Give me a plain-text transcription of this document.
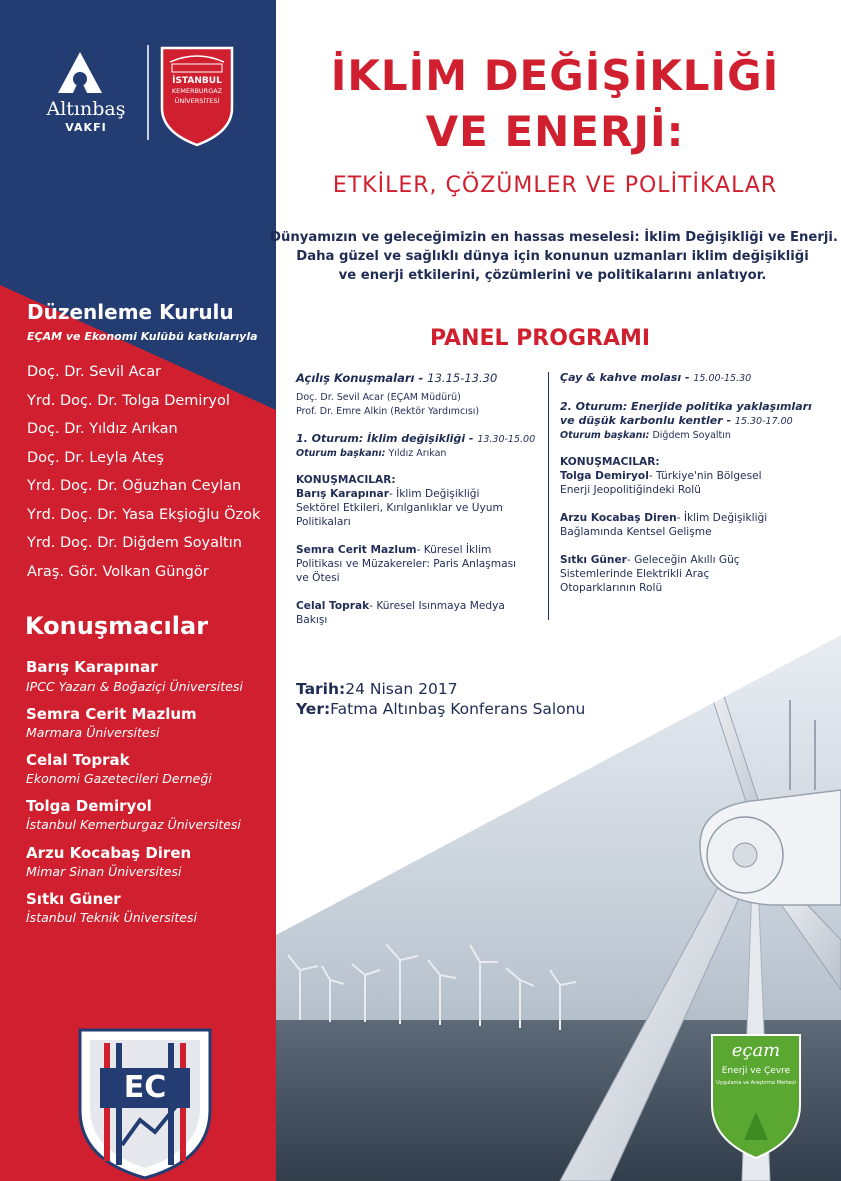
Altınbaş
VAKFI
İSTANBUL
KEMERBURGAZ
ÜNİVERSİTESİ
İKLİM DEĞİŞİKLİĞİ
VE ENERJİ:
ETKİLER, ÇÖZÜMLER VE POLİTİKALAR
Dünyamızın ve geleceğimizin en hassas meselesi: İklim Değişikliği ve Enerji.
Daha güzel ve sağlıklı dünya için konunun uzmanları iklim değişikliği
ve enerji etkilerini, çözümlerini ve politikalarını anlatıyor.
Düzenleme Kurulu
EÇAM ve Ekonomi Kulübü katkılarıyla
Doç. Dr. Sevil Acar
Yrd. Doç. Dr. Tolga Demiryol
Doç. Dr. Yıldız Arıkan
Doç. Dr. Leyla Ateş
Yrd. Doç. Dr. Oğuzhan Ceylan
Yrd. Doç. Dr. Yasa Ekşioğlu Özok
Yrd. Doç. Dr. Diğdem Soyaltın
Araş. Gör. Volkan Güngör
Konuşmacılar
Barış Karapınar
IPCC Yazarı & Boğaziçi Üniversitesi
Semra Cerit Mazlum
Marmara Üniversitesi
Celal Toprak
Ekonomi Gazetecileri Derneği
Tolga Demiryol
İstanbul Kemerburgaz Üniversitesi
Arzu Kocabaş Diren
Mimar Sinan Üniversitesi
Sıtkı Güner
İstanbul Teknik Üniversitesi
EC
eçam
Enerji ve Çevre
Uygulama ve Araştırma Merkezi
PANEL PROGRAMI
Açılış Konuşmaları - 13.15-13.30
Doç. Dr. Sevil Acar (EÇAM Müdürü)
Prof. Dr. Emre Alkin (Rektör Yardımcısı)
1. Oturum: İklim değişikliği - 13.30-15.00
Oturum başkanı: Yıldız Arıkan
KONUŞMACILAR:
Barış Karapınar- İklim Değişikliği
Sektörel Etkileri, Kırılganlıklar ve Uyum
Politikaları
Semra Cerit Mazlum- Küresel İklim
Politikası ve Müzakereler: Paris Anlaşması
ve Ötesi
Celal Toprak- Küresel Isınmaya Medya
Bakışı
Çay & kahve molası - 15.00-15.30
2. Oturum: Enerjide politika yaklaşımları
ve düşük karbonlu kentler - 15.30-17.00
Oturum başkanı: Diğdem Soyaltın
KONUŞMACILAR:
Tolga Demiryol- Türkiye'nin Bölgesel
Enerji Jeopolitiğindeki Rolü
Arzu Kocabaş Diren- İklim Değişikliği
Bağlamında Kentsel Gelişme
Sıtkı Güner- Geleceğin Akıllı Güç
Sistemlerinde Elektrikli Araç
Otoparklarının Rolü
Tarih:24 Nisan 2017
Yer:Fatma Altınbaş Konferans Salonu
